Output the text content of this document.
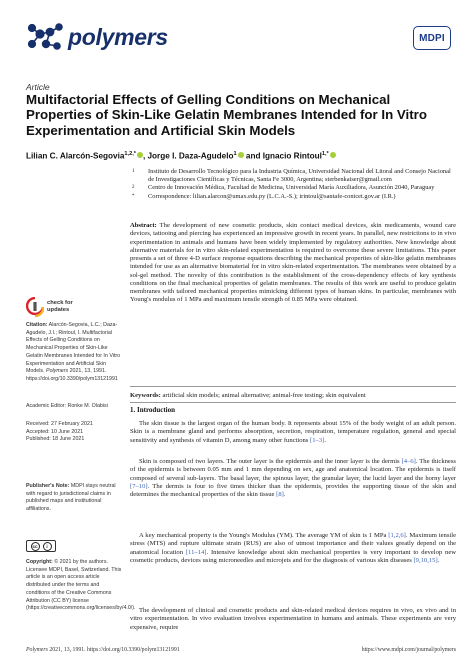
polymers	MDPI
Article
Multifactorial Effects of Gelling Conditions on Mechanical Properties of Skin-Like Gelatin Membranes Intended for In Vitro Experimentation and Artificial Skin Models
Lilian C. Alarcón-Segovia$^{1,2,*}$ , Jorge I. Daza-Agudelo$^1$ and Ignacio Rintoul$^{1,*}$
1 Instituto de Desarrollo Tecnológico para la Industria Química, Universidad Nacional del Litoral and Consejo Nacional de Investigaciones Científicas y Técnicas, Santa Fe 3000, Argentina; sterbenkaiser@gmail.com
2 Centro de Innovación Médica, Facultad de Medicina, Universidad María Auxiliadora, Asunción 2040, Paraguay
* Correspondence: lilian.alarcon@umax.edu.py (L.C.A.-S.); irintoul@santafe-conicet.gov.ar (I.R.)
check for
updates
Citation: Alarcón-Segovia, L.C.; Daza-Agudelo, J.I.; Rintoul, I. Multifactorial Effects of Gelling Conditions on Mechanical Properties of Skin-Like Gelatin Membranes Intended for In Vitro Experimentation and Artificial Skin Models. Polymers 2021, 13, 1991. https://doi.org/10.3390/polym13121991
Academic Editor: Ronke M. Olabisi
Received: 27 February 2021
Accepted: 10 June 2021
Published: 18 June 2021
Publisher's Note: MDPI stays neutral with regard to jurisdictional claims in published maps and institutional affiliations.
cc	i
Copyright: © 2021 by the authors. Licensee MDPI, Basel, Switzerland. This article is an open access article distributed under the terms and conditions of the Creative Commons Attribution (CC BY) license (https://creativecommons.org/licenses/by/4.0/).
Abstract: The development of new cosmetic products, skin contact medical devices, skin medicaments, wound care devices, tattooing and piercing has experienced an impressive growth in recent years. In parallel, new restrictions to in vivo experimentation in animals and humans have been widely implemented by regulatory authorities. New knowledge about alternative materials for in vitro skin-related experimentation is required to overcome these severe limitations. This paper presents a set of three 4-D surface response equations describing the mechanical properties of skin-like gelatin membranes intended for use as an alternative biomaterial for in vitro skin-related experimentation. The membranes were obtained by a sol-gel method. The novelty of this contribution is the establishment of the cross-dependency effects of key synthesis conditions on the final mechanical properties of gelatin membranes. The results of this work are useful to produce gelatin membranes with tailored mechanical properties mimicking different types of human skins. In particular, membranes with Young's modulus of 1 MPa and maximum tensile strength of 0.85 MPa were obtained.
Keywords: artificial skin models; animal alternative; animal-free testing; skin equivalent
1. Introduction
The skin tissue is the largest organ of the human body. It represents about 15% of the body weight of an adult person. Skin is a membrane gland and performs absorption, secretion, respiration, temperature regulation, general and special sensitivity and synthesis of vitamin D, among many other functions [1–3].
Skin is composed of two layers. The outer layer is the epidermis and the inner layer is the dermis [4–6]. The thickness of the epidermis is between 0.05 mm and 1 mm depending on sex, age and anatomical location. The epidermis is itself composed of several sub-layers. The basal layer, the spinous layer, the granular layer, the lucid layer and the horny layer [7–10]. The dermis is four to five times thicker than the epidermis, provides the supporting tissue of the skin and determines the mechanical properties of the skin tissue [8].
A key mechanical property is the Young's Modulus (YM). The average YM of skin is 1 MPa [1,2,6]. Maximum tensile stress (MTS) and rupture ultimate strain (RUS) are also of utmost importance and their values greatly depend on the anatomical location [11–14]. Intensive knowledge about skin mechanical properties is very important to develop new cosmetic products, devices using microneedles and microjets and for the diagnosis of various skin diseases [9,10,15].
The development of clinical and cosmetic products and skin-related medical devices requires in vivo, ex vivo and in vitro experimentation. In vivo evaluation involves experimentation in humans and animals. These experiments are very expensive, require
Polymers 2021, 13, 1991. https://doi.org/10.3390/polym13121991	https://www.mdpi.com/journal/polymers
